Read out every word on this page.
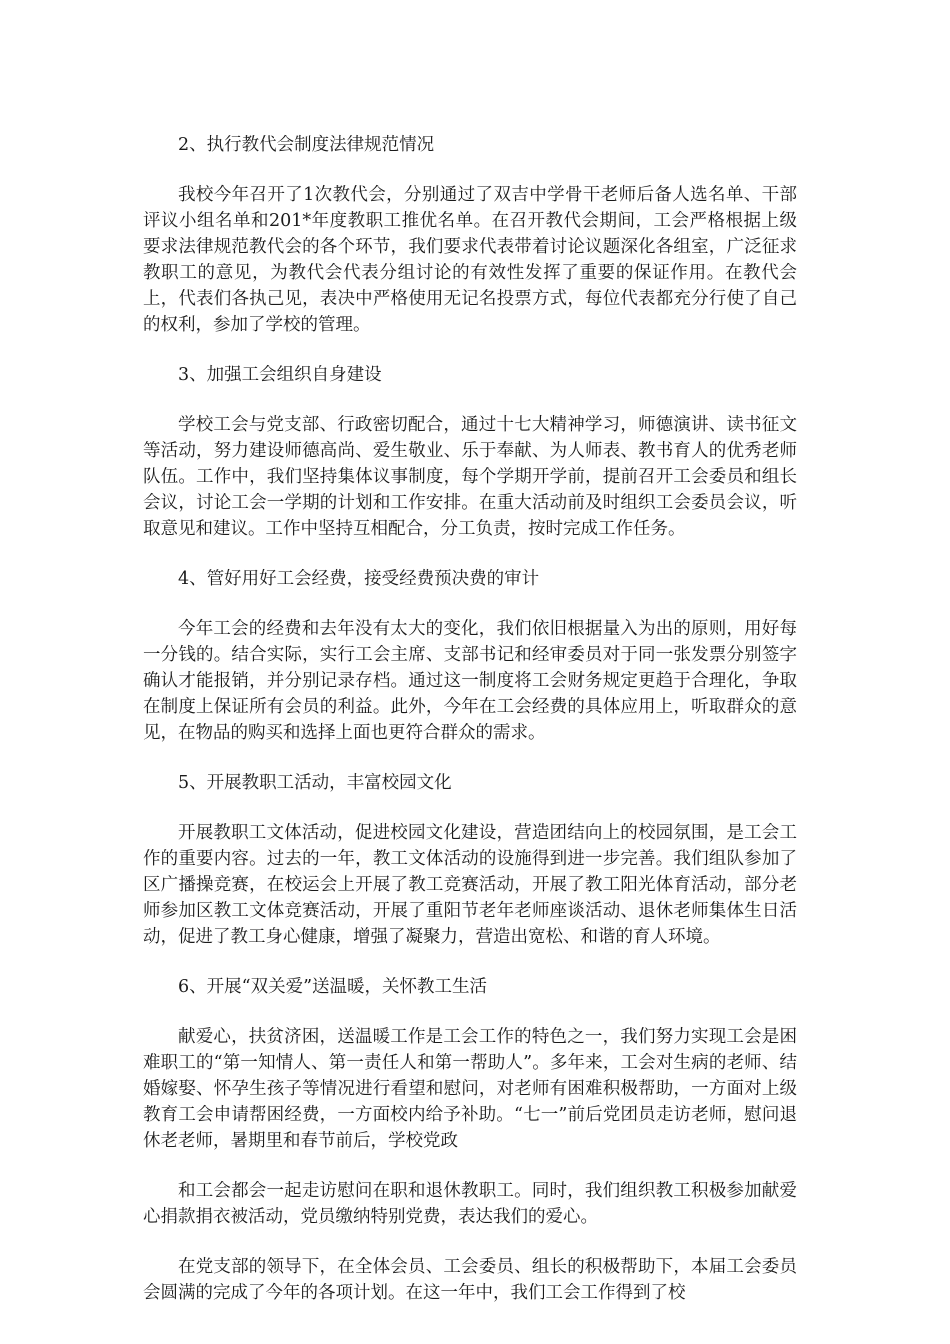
2、执行教代会制度法律规范情况

我校今年召开了1次教代会，分别通过了双吉中学骨干老师后备人选名单、干部评议小组名单和201*年度教职工推优名单。在召开教代会期间，工会严格根据上级要求法律规范教代会的各个环节，我们要求代表带着讨论议题深化各组室，广泛征求教职工的意见，为教代会代表分组讨论的有效性发挥了重要的保证作用。在教代会上，代表们各执己见，表决中严格使用无记名投票方式，每位代表都充分行使了自己的权利，参加了学校的管理。

3、加强工会组织自身建设

学校工会与党支部、行政密切配合，通过十七大精神学习，师德演讲、读书征文等活动，努力建设师德高尚、爱生敬业、乐于奉献、为人师表、教书育人的优秀老师队伍。工作中，我们坚持集体议事制度，每个学期开学前，提前召开工会委员和组长会议，讨论工会一学期的计划和工作安排。在重大活动前及时组织工会委员会议，听取意见和建议。工作中坚持互相配合，分工负责，按时完成工作任务。

4、管好用好工会经费，接受经费预决费的审计

今年工会的经费和去年没有太大的变化，我们依旧根据量入为出的原则，用好每一分钱的。结合实际，实行工会主席、支部书记和经审委员对于同一张发票分别签字确认才能报销，并分别记录存档。通过这一制度将工会财务规定更趋于合理化，争取在制度上保证所有会员的利益。此外，今年在工会经费的具体应用上，听取群众的意见，在物品的购买和选择上面也更符合群众的需求。

5、开展教职工活动，丰富校园文化

开展教职工文体活动，促进校园文化建设，营造团结向上的校园氛围，是工会工作的重要内容。过去的一年，教工文体活动的设施得到进一步完善。我们组队参加了区广播操竞赛，在校运会上开展了教工竞赛活动，开展了教工阳光体育活动，部分老师参加区教工文体竞赛活动，开展了重阳节老年老师座谈活动、退休老师集体生日活动，促进了教工身心健康，增强了凝聚力，营造出宽松、和谐的育人环境。

6、开展“双关爱”送温暖，关怀教工生活

献爱心，扶贫济困，送温暖工作是工会工作的特色之一，我们努力实现工会是困难职工的“第一知情人、第一责任人和第一帮助人”。多年来，工会对生病的老师、结婚嫁娶、怀孕生孩子等情况进行看望和慰问，对老师有困难积极帮助，一方面对上级教育工会申请帮困经费，一方面校内给予补助。“七一”前后党团员走访老师，慰问退休老老师，暑期里和春节前后，学校党政

和工会都会一起走访慰问在职和退休教职工。同时，我们组织教工积极参加献爱心捐款捐衣被活动，党员缴纳特别党费，表达我们的爱心。

在党支部的领导下，在全体会员、工会委员、组长的积极帮助下，本届工会委员会圆满的完成了今年的各项计划。在这一年中，我们工会工作得到了校
